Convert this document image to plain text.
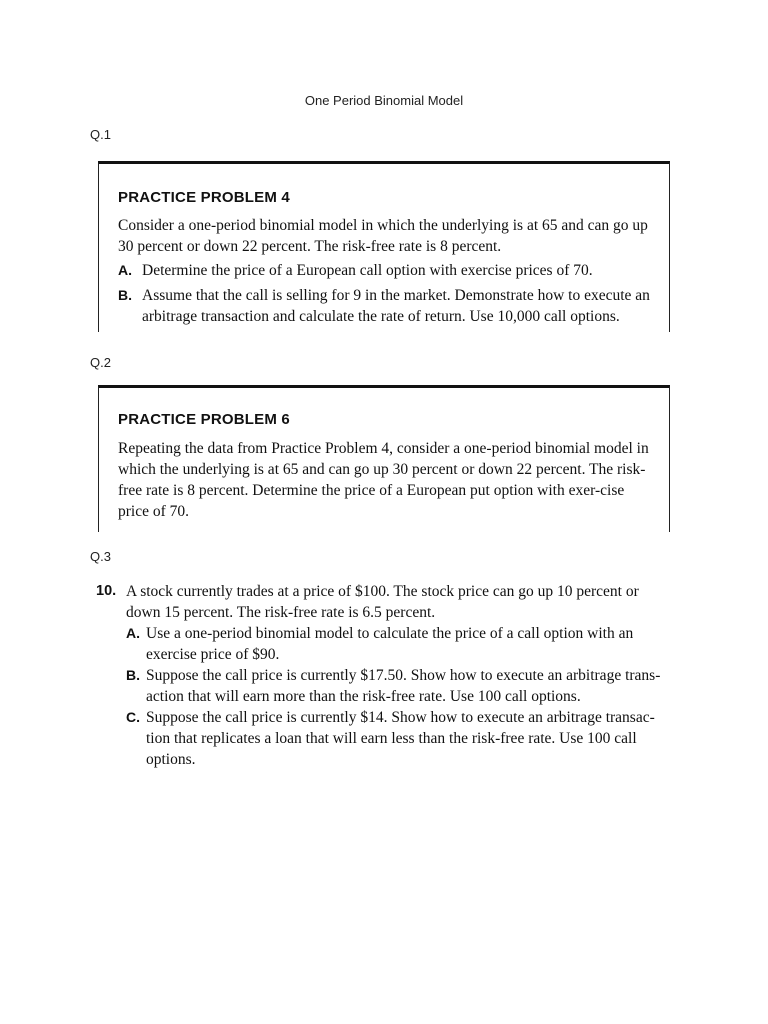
One Period Binomial Model
Q.1
PRACTICE PROBLEM 4
Consider a one-period binomial model in which the underlying is at 65 and can go up 30 percent or down 22 percent. The risk-free rate is 8 percent.
A. Determine the price of a European call option with exercise prices of 70.
B. Assume that the call is selling for 9 in the market. Demonstrate how to execute an arbitrage transaction and calculate the rate of return. Use 10,000 call options.
Q.2
PRACTICE PROBLEM 6
Repeating the data from Practice Problem 4, consider a one-period binomial model in which the underlying is at 65 and can go up 30 percent or down 22 percent. The risk-free rate is 8 percent. Determine the price of a European put option with exer-cise price of 70.
Q.3
10. A stock currently trades at a price of $100. The stock price can go up 10 percent or down 15 percent. The risk-free rate is 6.5 percent.
A. Use a one-period binomial model to calculate the price of a call option with an exercise price of $90.
B. Suppose the call price is currently $17.50. Show how to execute an arbitrage trans-action that will earn more than the risk-free rate. Use 100 call options.
C. Suppose the call price is currently $14. Show how to execute an arbitrage transac-tion that replicates a loan that will earn less than the risk-free rate. Use 100 call options.
